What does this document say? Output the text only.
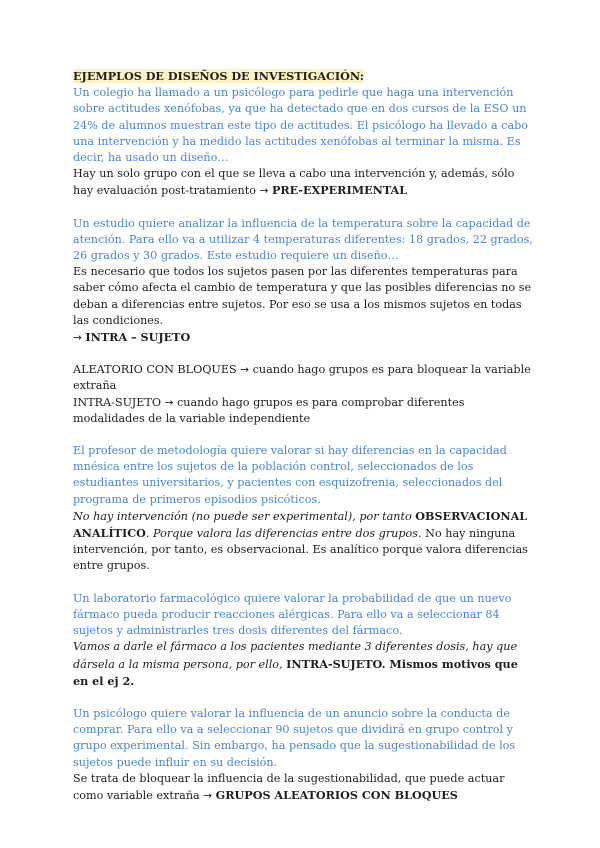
EJEMPLOS DE DISEÑOS DE INVESTIGACIÓN:

Un colegio ha llamado a un psicólogo para pedirle que haga una intervención sobre actitudes xenófobas, ya que ha detectado que en dos cursos de la ESO un 24% de alumnos muestran este tipo de actitudes. El psicólogo ha llevado a cabo una intervención y ha medido las actitudes xenófobas al terminar la misma. Es decir, ha usado un diseño…

Hay un solo grupo con el que se lleva a cabo una intervención y, además, sólo hay evaluación post-tratamiento → PRE-EXPERIMENTAL

Un estudio quiere analizar la influencia de la temperatura sobre la capacidad de atención. Para ello va a utilizar 4 temperaturas diferentes: 18 grados, 22 grados, 26 grados y 30 grados. Este estudio requiere un diseño…

Es necesario que todos los sujetos pasen por las diferentes temperaturas para saber cómo afecta el cambio de temperatura y que las posibles diferencias no se deban a diferencias entre sujetos. Por eso se usa a los mismos sujetos en todas las condiciones.

→ INTRA – SUJETO

ALEATORIO CON BLOQUES → cuando hago grupos es para bloquear la variable extraña

INTRA-SUJETO → cuando hago grupos es para comprobar diferentes modalidades de la variable independiente

El profesor de metodología quiere valorar si hay diferencias en la capacidad mnésica entre los sujetos de la población control, seleccionados de los estudiantes universitarios, y pacientes con esquizofrenia, seleccionados del programa de primeros episodios psicóticos.

No hay intervención (no puede ser experimental), por tanto OBSERVACIONAL ANALÍTICO. Porque valora las diferencias entre dos grupos. No hay ninguna intervención, por tanto, es observacional. Es analítico porque valora diferencias entre grupos.

Un laboratorio farmacológico quiere valorar la probabilidad de que un nuevo fármaco pueda producir reacciones alérgicas. Para ello va a seleccionar 84 sujetos y administrarles tres dosis diferentes del fármaco.

Vamos a darle el fármaco a los pacientes mediante 3 diferentes dosis, hay que dársela a la misma persona, por ello, INTRA-SUJETO. Mismos motivos que en el ej 2.

Un psicólogo quiere valorar la influencia de un anuncio sobre la conducta de comprar. Para ello va a seleccionar 90 sujetos que dividirá en grupo control y grupo experimental. Sin embargo, ha pensado que la sugestionabilidad de los sujetos puede influir en su decisión.

Se trata de bloquear la influencia de la sugestionabilidad, que puede actuar como variable extraña → GRUPOS ALEATORIOS CON BLOQUES
